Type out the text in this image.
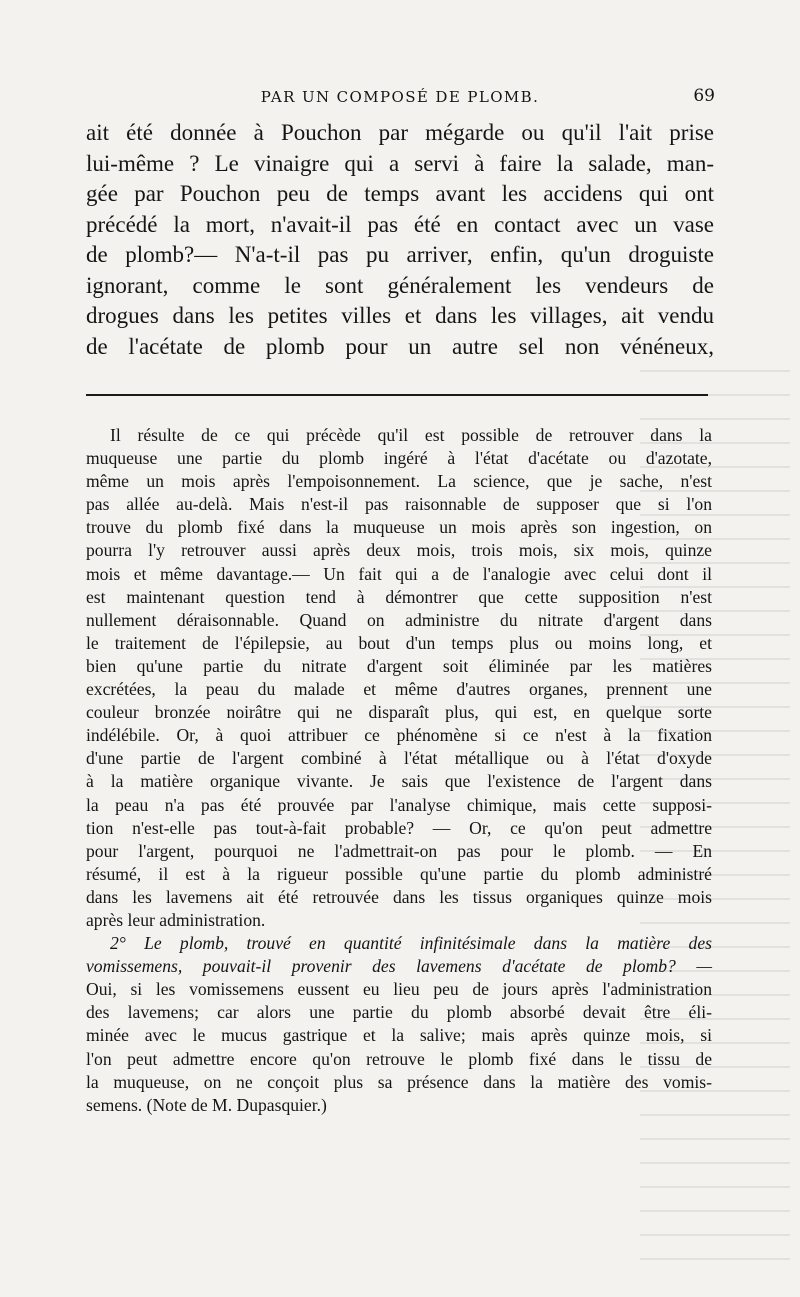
PAR UN COMPOSÉ DE PLOMB.	69
ait été donnée à Pouchon par mégarde ou qu'il l'ait prise
lui-même ? Le vinaigre qui a servi à faire la salade, man-
gée par Pouchon peu de temps avant les accidens qui ont
précédé la mort, n'avait-il pas été en contact avec un vase
de plomb?— N'a-t-il pas pu arriver, enfin, qu'un droguiste
ignorant, comme le sont généralement les vendeurs de
drogues dans les petites villes et dans les villages, ait vendu
de l'acétate de plomb pour un autre sel non vénéneux,
Il résulte de ce qui précède qu'il est possible de retrouver dans la
muqueuse une partie du plomb ingéré à l'état d'acétate ou d'azotate,
même un mois après l'empoisonnement. La science, que je sache, n'est
pas allée au-delà. Mais n'est-il pas raisonnable de supposer que si l'on
trouve du plomb fixé dans la muqueuse un mois après son ingestion, on
pourra l'y retrouver aussi après deux mois, trois mois, six mois, quinze
mois et même davantage.— Un fait qui a de l'analogie avec celui dont il
est maintenant question tend à démontrer que cette supposition n'est
nullement déraisonnable. Quand on administre du nitrate d'argent dans
le traitement de l'épilepsie, au bout d'un temps plus ou moins long, et
bien qu'une partie du nitrate d'argent soit éliminée par les matières
excrétées, la peau du malade et même d'autres organes, prennent une
couleur bronzée noirâtre qui ne disparaît plus, qui est, en quelque sorte
indélébile. Or, à quoi attribuer ce phénomène si ce n'est à la fixation
d'une partie de l'argent combiné à l'état métallique ou à l'état d'oxyde
à la matière organique vivante. Je sais que l'existence de l'argent dans
la peau n'a pas été prouvée par l'analyse chimique, mais cette supposi-
tion n'est-elle pas tout-à-fait probable? — Or, ce qu'on peut admettre
pour l'argent, pourquoi ne l'admettrait-on pas pour le plomb. — En
résumé, il est à la rigueur possible qu'une partie du plomb administré
dans les lavemens ait été retrouvée dans les tissus organiques quinze mois
après leur administration.
2° Le plomb, trouvé en quantité infinitésimale dans la matière des
vomissemens, pouvait-il provenir des lavemens d'acétate de plomb? —
Oui, si les vomissemens eussent eu lieu peu de jours après l'administration
des lavemens; car alors une partie du plomb absorbé devait être éli-
minée avec le mucus gastrique et la salive; mais après quinze mois, si
l'on peut admettre encore qu'on retrouve le plomb fixé dans le tissu de
la muqueuse, on ne conçoit plus sa présence dans la matière des vomis-
semens. (Note de M. Dupasquier.)
